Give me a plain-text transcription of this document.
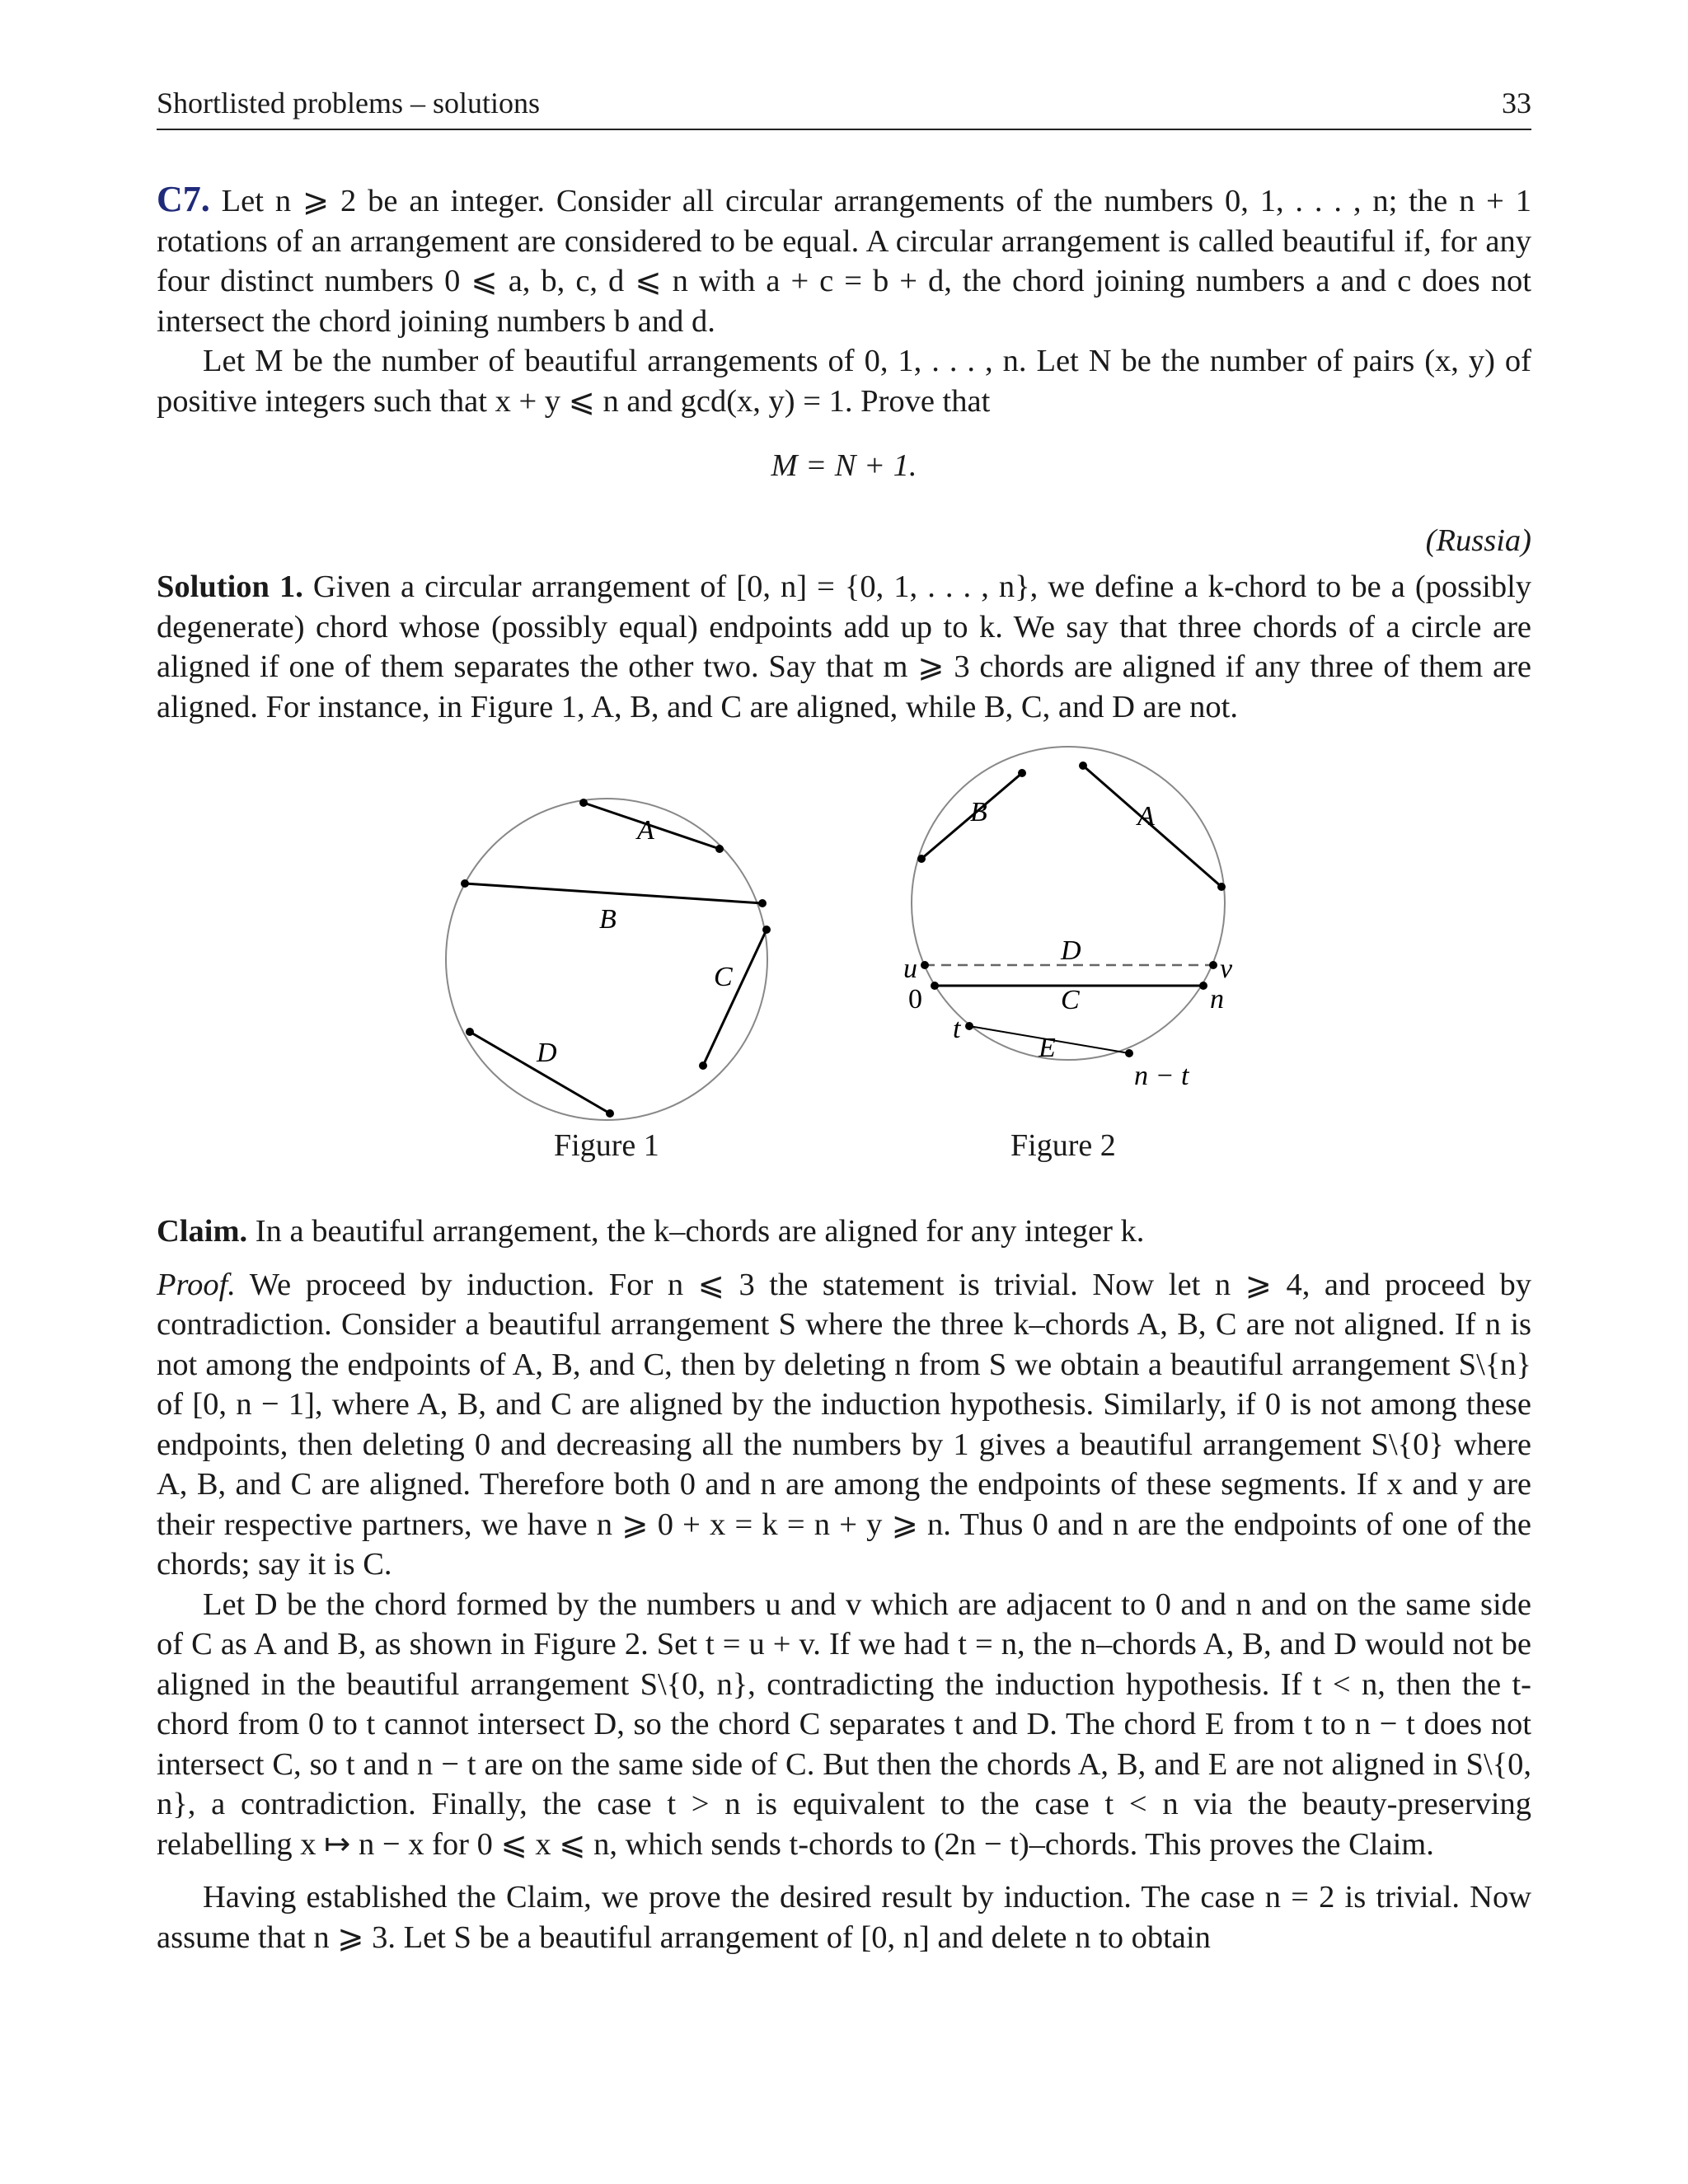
Shortlisted problems – solutions	33

C7. Let n ⩾ 2 be an integer. Consider all circular arrangements of the numbers 0, 1, . . . , n; the n + 1 rotations of an arrangement are considered to be equal. A circular arrangement is called beautiful if, for any four distinct numbers 0 ⩽ a, b, c, d ⩽ n with a + c = b + d, the chord joining numbers a and c does not intersect the chord joining numbers b and d.

Let M be the number of beautiful arrangements of 0, 1, . . . , n. Let N be the number of pairs (x, y) of positive integers such that x + y ⩽ n and gcd(x, y) = 1. Prove that

M = N + 1.

(Russia)

Solution 1. Given a circular arrangement of [0, n] = {0, 1, . . . , n}, we define a k-chord to be a (possibly degenerate) chord whose (possibly equal) endpoints add up to k. We say that three chords of a circle are aligned if one of them separates the other two. Say that m ⩾ 3 chords are aligned if any three of them are aligned. For instance, in Figure 1, A, B, and C are aligned, while B, C, and D are not.

A
B
C
D
B	A
D
C
E
u	v
t
n
n − t
0
Figure 1	Figure 2

Claim. In a beautiful arrangement, the k–chords are aligned for any integer k.

Proof. We proceed by induction. For n ⩽ 3 the statement is trivial. Now let n ⩾ 4, and proceed by contradiction. Consider a beautiful arrangement S where the three k–chords A, B, C are not aligned. If n is not among the endpoints of A, B, and C, then by deleting n from S we obtain a beautiful arrangement S\{n} of [0, n − 1], where A, B, and C are aligned by the induction hypothesis. Similarly, if 0 is not among these endpoints, then deleting 0 and decreasing all the numbers by 1 gives a beautiful arrangement S\{0} where A, B, and C are aligned. Therefore both 0 and n are among the endpoints of these segments. If x and y are their respective partners, we have n ⩾ 0 + x = k = n + y ⩾ n. Thus 0 and n are the endpoints of one of the chords; say it is C.

Let D be the chord formed by the numbers u and v which are adjacent to 0 and n and on the same side of C as A and B, as shown in Figure 2. Set t = u + v. If we had t = n, the n–chords A, B, and D would not be aligned in the beautiful arrangement S\{0, n}, contradicting the induction hypothesis. If t < n, then the t-chord from 0 to t cannot intersect D, so the chord C separates t and D. The chord E from t to n − t does not intersect C, so t and n − t are on the same side of C. But then the chords A, B, and E are not aligned in S\{0, n}, a contradiction. Finally, the case t > n is equivalent to the case t < n via the beauty-preserving relabelling x ↦ n − x for 0 ⩽ x ⩽ n, which sends t-chords to (2n − t)–chords. This proves the Claim.

Having established the Claim, we prove the desired result by induction. The case n = 2 is trivial. Now assume that n ⩾ 3. Let S be a beautiful arrangement of [0, n] and delete n to obtain
